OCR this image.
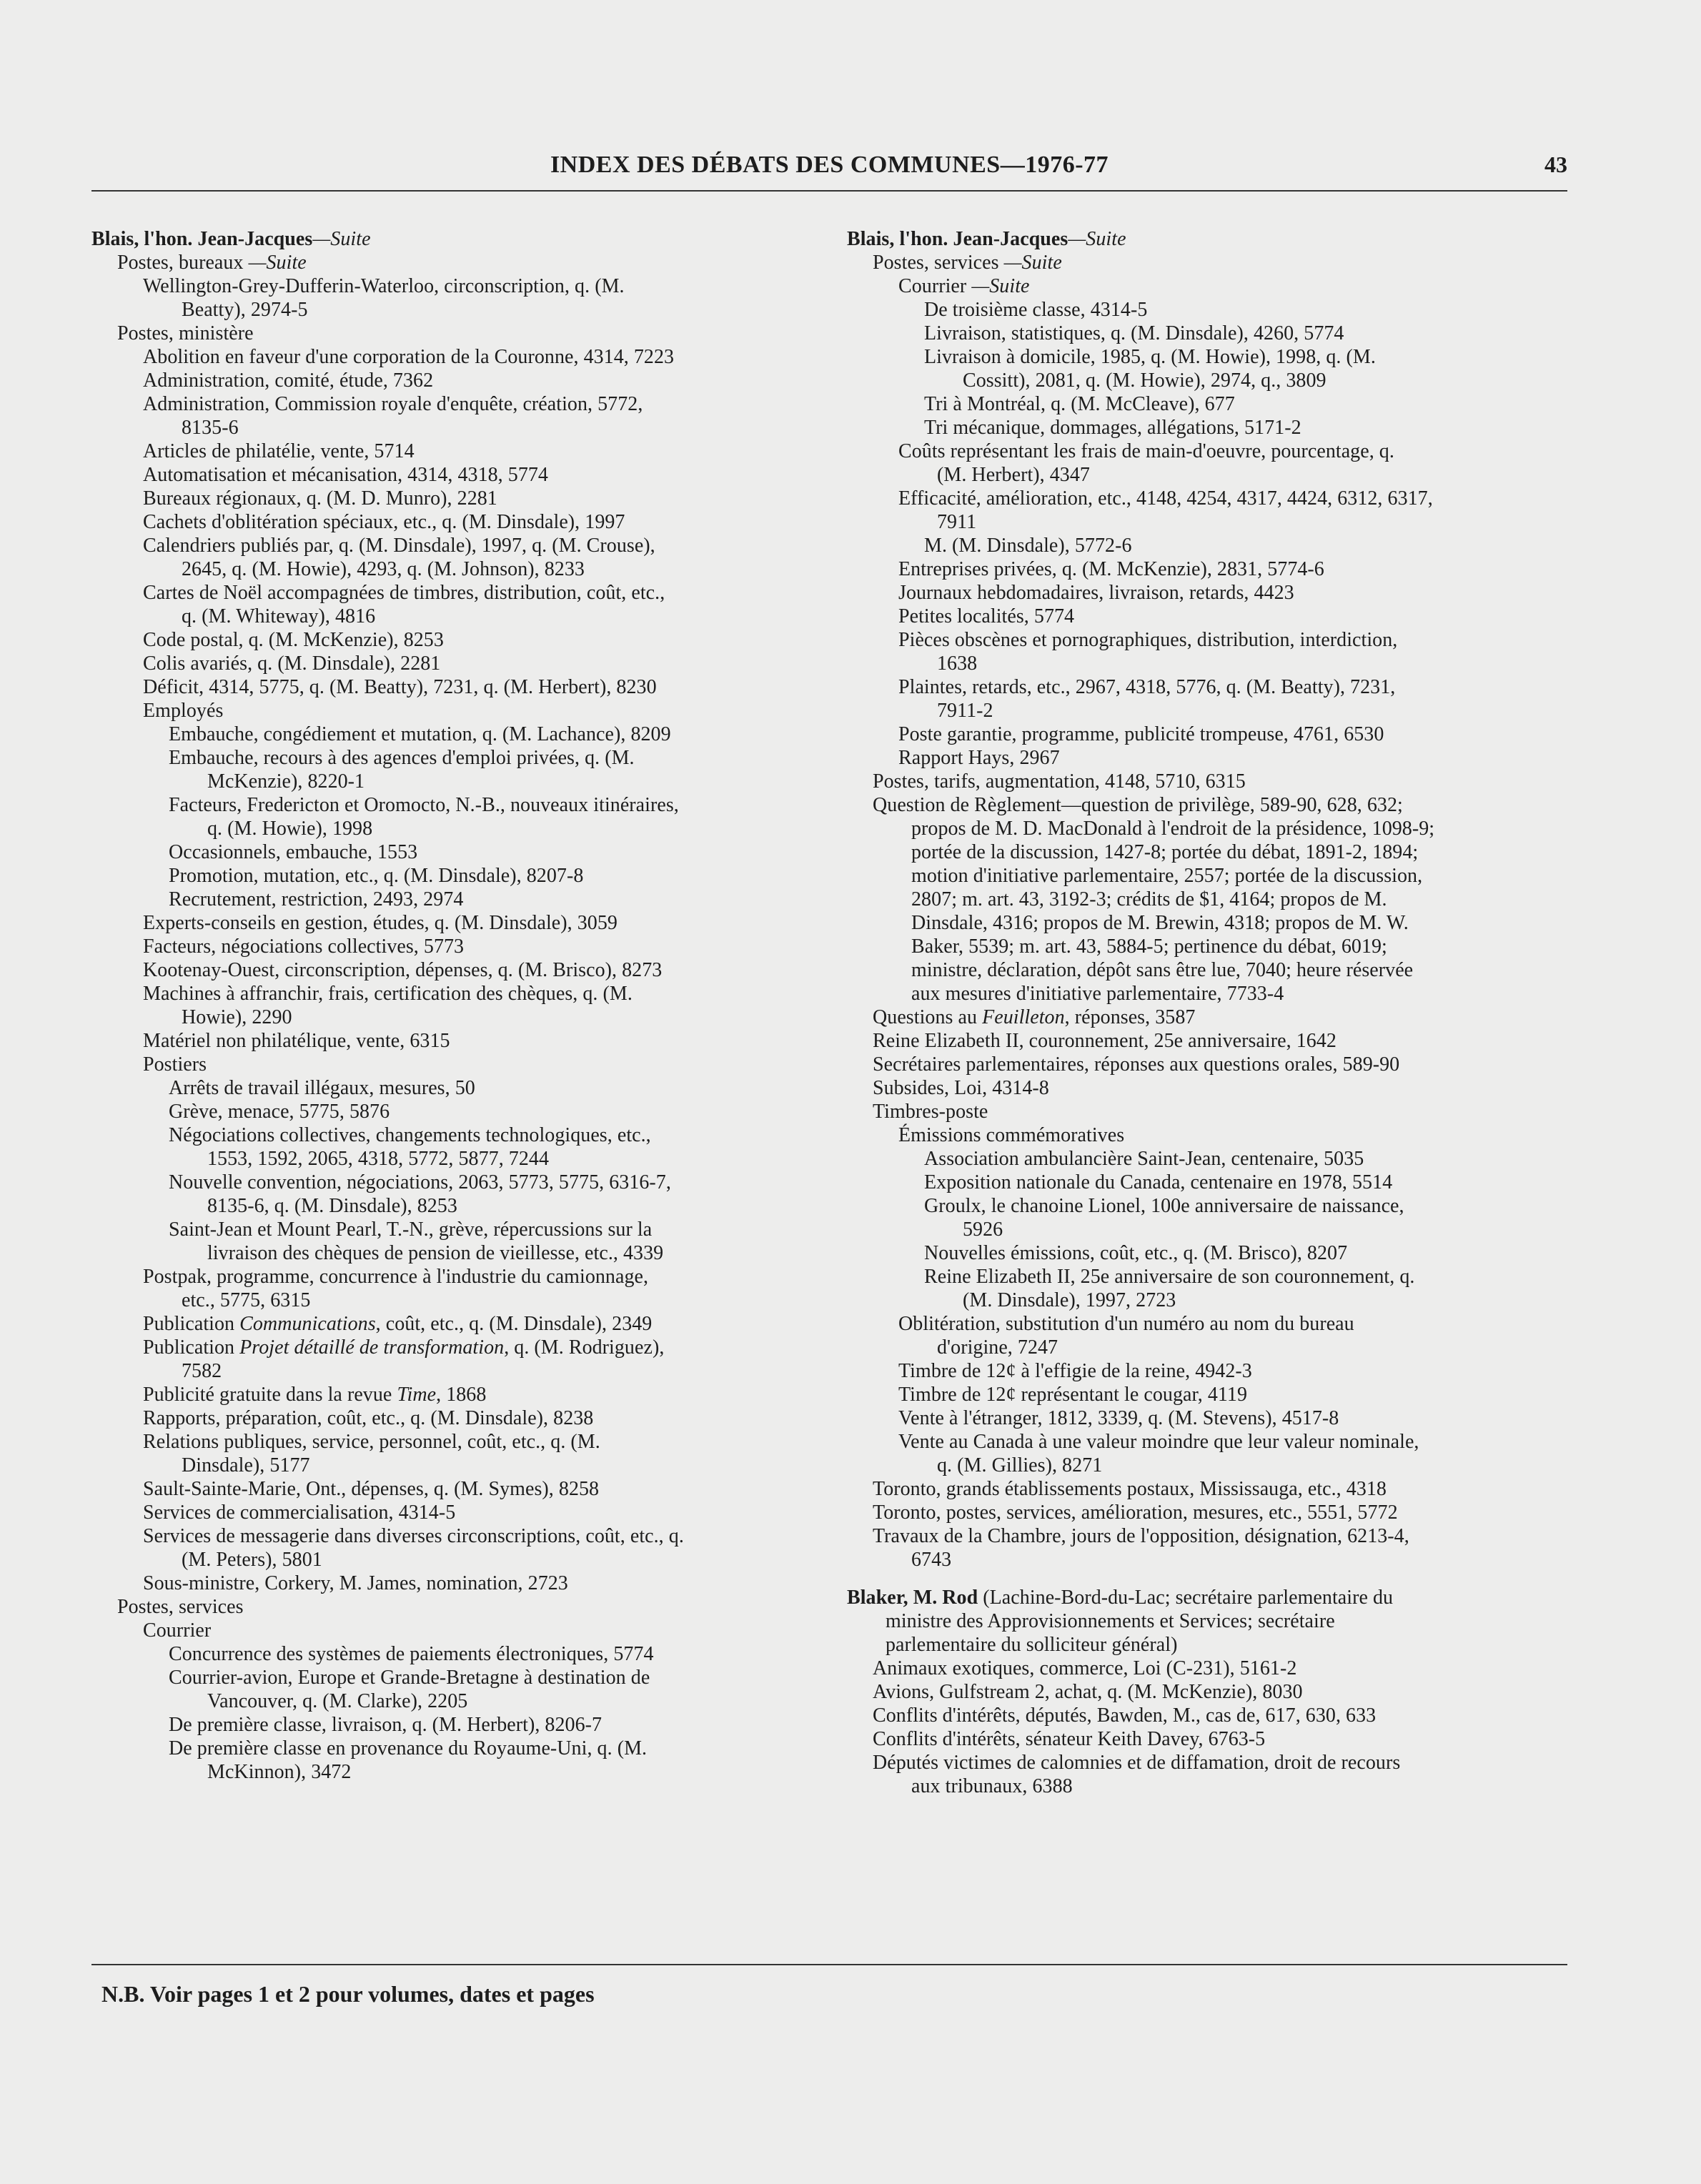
INDEX DES DÉBATS DES COMMUNES—1976-77	43
Blais, l'hon. Jean-Jacques—Suite
Postes, bureaux —Suite
Wellington-Grey-Dufferin-Waterloo, circonscription, q. (M.
Beatty), 2974-5
Postes, ministère
Abolition en faveur d'une corporation de la Couronne, 4314, 7223
Administration, comité, étude, 7362
Administration, Commission royale d'enquête, création, 5772,
8135-6
Articles de philatélie, vente, 5714
Automatisation et mécanisation, 4314, 4318, 5774
Bureaux régionaux, q. (M. D. Munro), 2281
Cachets d'oblitération spéciaux, etc., q. (M. Dinsdale), 1997
Calendriers publiés par, q. (M. Dinsdale), 1997, q. (M. Crouse),
2645, q. (M. Howie), 4293, q. (M. Johnson), 8233
Cartes de Noël accompagnées de timbres, distribution, coût, etc.,
q. (M. Whiteway), 4816
Code postal, q. (M. McKenzie), 8253
Colis avariés, q. (M. Dinsdale), 2281
Déficit, 4314, 5775, q. (M. Beatty), 7231, q. (M. Herbert), 8230
Employés
Embauche, congédiement et mutation, q. (M. Lachance), 8209
Embauche, recours à des agences d'emploi privées, q. (M.
McKenzie), 8220-1
Facteurs, Fredericton et Oromocto, N.-B., nouveaux itinéraires,
q. (M. Howie), 1998
Occasionnels, embauche, 1553
Promotion, mutation, etc., q. (M. Dinsdale), 8207-8
Recrutement, restriction, 2493, 2974
Experts-conseils en gestion, études, q. (M. Dinsdale), 3059
Facteurs, négociations collectives, 5773
Kootenay-Ouest, circonscription, dépenses, q. (M. Brisco), 8273
Machines à affranchir, frais, certification des chèques, q. (M.
Howie), 2290
Matériel non philatélique, vente, 6315
Postiers
Arrêts de travail illégaux, mesures, 50
Grève, menace, 5775, 5876
Négociations collectives, changements technologiques, etc.,
1553, 1592, 2065, 4318, 5772, 5877, 7244
Nouvelle convention, négociations, 2063, 5773, 5775, 6316-7,
8135-6, q. (M. Dinsdale), 8253
Saint-Jean et Mount Pearl, T.-N., grève, répercussions sur la
livraison des chèques de pension de vieillesse, etc., 4339
Postpak, programme, concurrence à l'industrie du camionnage,
etc., 5775, 6315
Publication Communications, coût, etc., q. (M. Dinsdale), 2349
Publication Projet détaillé de transformation, q. (M. Rodriguez),
7582
Publicité gratuite dans la revue Time, 1868
Rapports, préparation, coût, etc., q. (M. Dinsdale), 8238
Relations publiques, service, personnel, coût, etc., q. (M.
Dinsdale), 5177
Sault-Sainte-Marie, Ont., dépenses, q. (M. Symes), 8258
Services de commercialisation, 4314-5
Services de messagerie dans diverses circonscriptions, coût, etc., q.
(M. Peters), 5801
Sous-ministre, Corkery, M. James, nomination, 2723
Postes, services
Courrier
Concurrence des systèmes de paiements électroniques, 5774
Courrier-avion, Europe et Grande-Bretagne à destination de
Vancouver, q. (M. Clarke), 2205
De première classe, livraison, q. (M. Herbert), 8206-7
De première classe en provenance du Royaume-Uni, q. (M.
McKinnon), 3472
Blais, l'hon. Jean-Jacques—Suite
Postes, services —Suite
Courrier —Suite
De troisième classe, 4314-5
Livraison, statistiques, q. (M. Dinsdale), 4260, 5774
Livraison à domicile, 1985, q. (M. Howie), 1998, q. (M.
Cossitt), 2081, q. (M. Howie), 2974, q., 3809
Tri à Montréal, q. (M. McCleave), 677
Tri mécanique, dommages, allégations, 5171-2
Coûts représentant les frais de main-d'oeuvre, pourcentage, q.
(M. Herbert), 4347
Efficacité, amélioration, etc., 4148, 4254, 4317, 4424, 6312, 6317,
7911
M. (M. Dinsdale), 5772-6
Entreprises privées, q. (M. McKenzie), 2831, 5774-6
Journaux hebdomadaires, livraison, retards, 4423
Petites localités, 5774
Pièces obscènes et pornographiques, distribution, interdiction,
1638
Plaintes, retards, etc., 2967, 4318, 5776, q. (M. Beatty), 7231,
7911-2
Poste garantie, programme, publicité trompeuse, 4761, 6530
Rapport Hays, 2967
Postes, tarifs, augmentation, 4148, 5710, 6315
Question de Règlement—question de privilège, 589-90, 628, 632;
propos de M. D. MacDonald à l'endroit de la présidence, 1098-9;
portée de la discussion, 1427-8; portée du débat, 1891-2, 1894;
motion d'initiative parlementaire, 2557; portée de la discussion,
2807; m. art. 43, 3192-3; crédits de $1, 4164; propos de M.
Dinsdale, 4316; propos de M. Brewin, 4318; propos de M. W.
Baker, 5539; m. art. 43, 5884-5; pertinence du débat, 6019;
ministre, déclaration, dépôt sans être lue, 7040; heure réservée
aux mesures d'initiative parlementaire, 7733-4
Questions au Feuilleton, réponses, 3587
Reine Elizabeth II, couronnement, 25e anniversaire, 1642
Secrétaires parlementaires, réponses aux questions orales, 589-90
Subsides, Loi, 4314-8
Timbres-poste
Émissions commémoratives
Association ambulancière Saint-Jean, centenaire, 5035
Exposition nationale du Canada, centenaire en 1978, 5514
Groulx, le chanoine Lionel, 100e anniversaire de naissance,
5926
Nouvelles émissions, coût, etc., q. (M. Brisco), 8207
Reine Elizabeth II, 25e anniversaire de son couronnement, q.
(M. Dinsdale), 1997, 2723
Oblitération, substitution d'un numéro au nom du bureau
d'origine, 7247
Timbre de 12¢ à l'effigie de la reine, 4942-3
Timbre de 12¢ représentant le cougar, 4119
Vente à l'étranger, 1812, 3339, q. (M. Stevens), 4517-8
Vente au Canada à une valeur moindre que leur valeur nominale,
q. (M. Gillies), 8271
Toronto, grands établissements postaux, Mississauga, etc., 4318
Toronto, postes, services, amélioration, mesures, etc., 5551, 5772
Travaux de la Chambre, jours de l'opposition, désignation, 6213-4,
6743
Blaker, M. Rod (Lachine-Bord-du-Lac; secrétaire parlementaire du
ministre des Approvisionnements et Services; secrétaire
parlementaire du solliciteur général)
Animaux exotiques, commerce, Loi (C-231), 5161-2
Avions, Gulfstream 2, achat, q. (M. McKenzie), 8030
Conflits d'intérêts, députés, Bawden, M., cas de, 617, 630, 633
Conflits d'intérêts, sénateur Keith Davey, 6763-5
Députés victimes de calomnies et de diffamation, droit de recours
aux tribunaux, 6388
N.B. Voir pages 1 et 2 pour volumes, dates et pages
